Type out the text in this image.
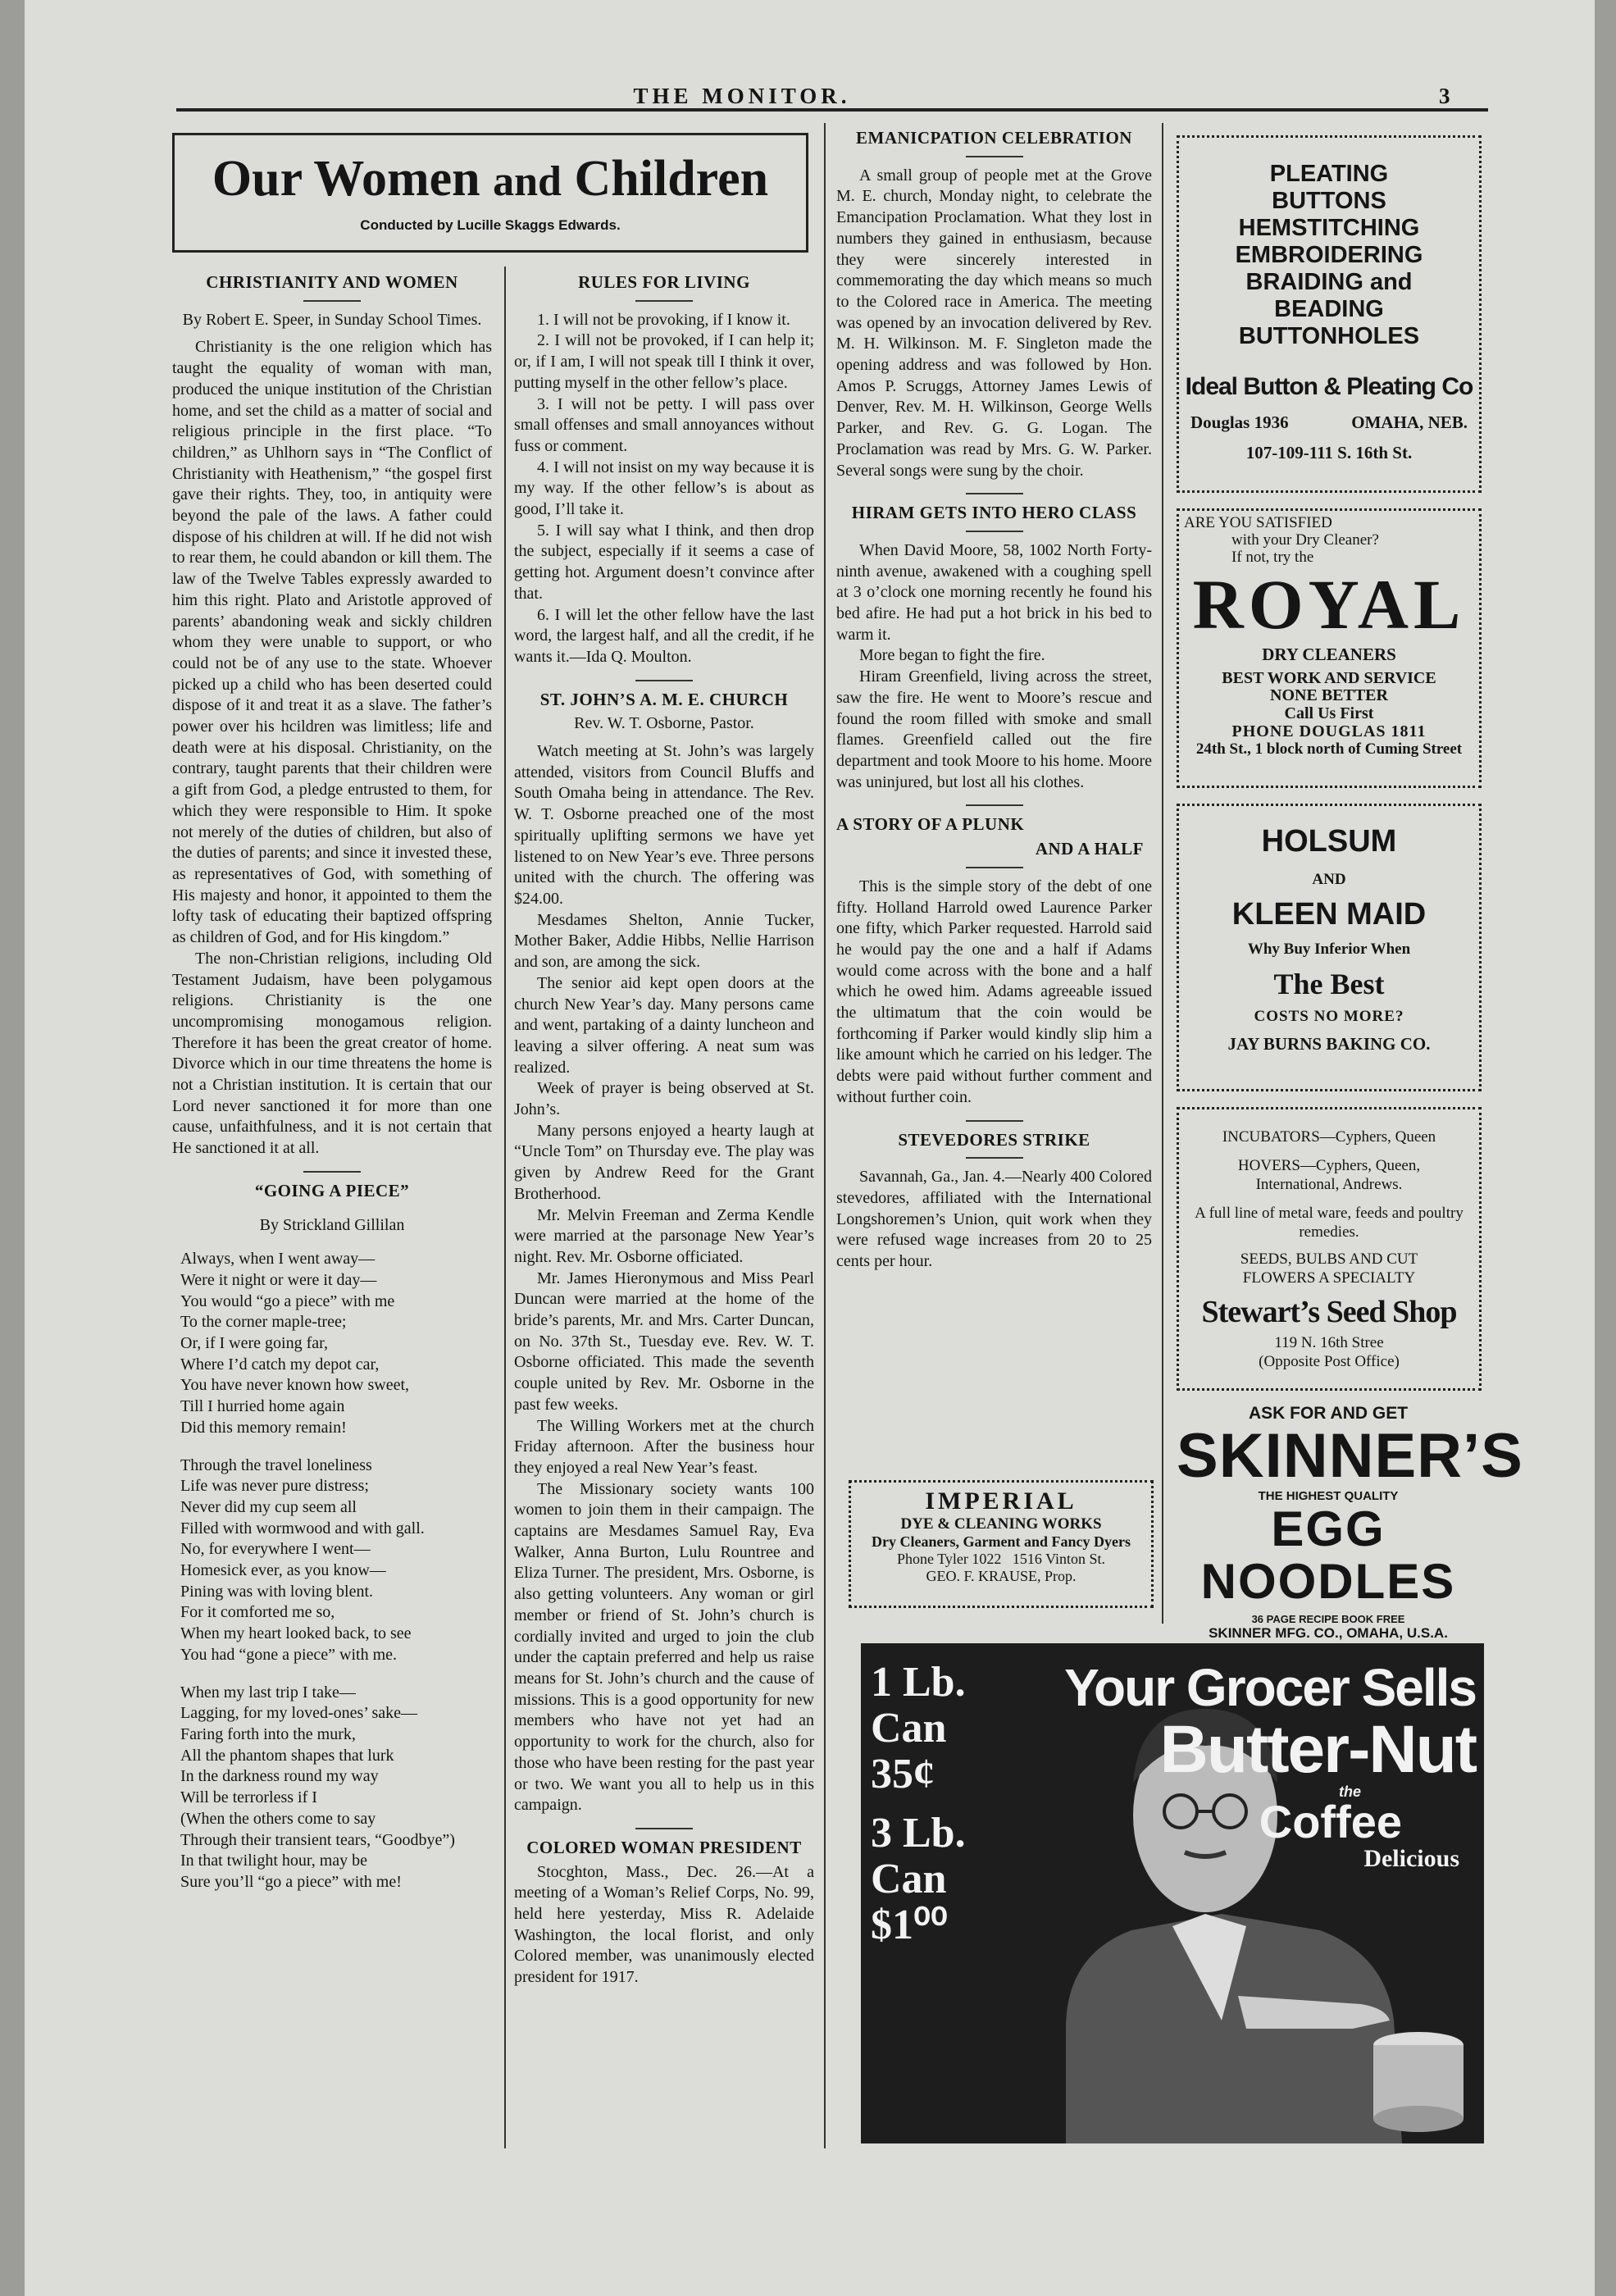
THE MONITOR.	3
Our Women and Children
Conducted by Lucille Skaggs Edwards.
CHRISTIANITY AND WOMEN
By Robert E. Speer, in Sunday School Times.

Christianity is the one religion which has taught the equality of woman with man, produced the unique institution of the Christian home, and set the child as a matter of social and religious principle in the first place. “To children,” as Uhlhorn says in “The Conflict of Christianity with Heathenism,” “the gospel first gave their rights. They, too, in antiquity were beyond the pale of the laws. A father could dispose of his children at will. If he did not wish to rear them, he could abandon or kill them. The law of the Twelve Tables expressly awarded to him this right. Plato and Aristotle approved of parents’ abandoning weak and sickly children whom they were unable to support, or who could not be of any use to the state. Whoever picked up a child who has been deserted could dispose of it and treat it as a slave. The father’s power over his hcildren was limitless; life and death were at his disposal. Christianity, on the contrary, taught parents that their children were a gift from God, a pledge entrusted to them, for which they were responsible to Him. It spoke not merely of the duties of children, but also of the duties of parents; and since it invested these, as representatives of God, with something of His majesty and honor, it appointed to them the lofty task of educating their baptized offspring as children of God, and for His kingdom.”

The non-Christian religions, including Old Testament Judaism, have been polygamous religions. Christianity is the one uncompromising monogamous religion. Therefore it has been the great creator of home. Divorce which in our time threatens the home is not a Christian institution. It is certain that our Lord never sanctioned it for more than one cause, unfaithfulness, and it is not certain that He sanctioned it at all.

“GOING A PIECE”
By Strickland Gillilan

Always, when I went away—

Were it night or were it day—

You would “go a piece” with me

To the corner maple-tree;

Or, if I were going far,

Where I’d catch my depot car,

You have never known how sweet,

Till I hurried home again

Did this memory remain!

Through the travel loneliness

Life was never pure distress;

Never did my cup seem all

Filled with wormwood and with gall.

No, for everywhere I went—

Homesick ever, as you know—

Pining was with loving blent.

For it comforted me so,

When my heart looked back, to see

You had “gone a piece” with me.

When my last trip I take—

Lagging, for my loved-ones’ sake—

Faring forth into the murk,

All the phantom shapes that lurk

In the darkness round my way

Will be terrorless if I

(When the others come to say

Through their transient tears, “Goodbye”)

In that twilight hour, may be

Sure you’ll “go a piece” with me!

RULES FOR LIVING

1. I will not be provoking, if I know it.

2. I will not be provoked, if I can help it; or, if I am, I will not speak till I think it over, putting myself in the other fellow’s place.

3. I will not be petty. I will pass over small offenses and small annoyances without fuss or comment.

4. I will not insist on my way because it is my way. If the other fellow’s is about as good, I’ll take it.

5. I will say what I think, and then drop the subject, especially if it seems a case of getting hot. Argument doesn’t convince after that.

6. I will let the other fellow have the last word, the largest half, and all the credit, if he wants it.—Ida Q. Moulton.

ST. JOHN’S A. M. E. CHURCH
Rev. W. T. Osborne, Pastor.

Watch meeting at St. John’s was largely attended, visitors from Council Bluffs and South Omaha being in attendance. The Rev. W. T. Osborne preached one of the most spiritually uplifting sermons we have yet listened to on New Year’s eve. Three persons united with the church. The offering was $24.00.

Mesdames Shelton, Annie Tucker, Mother Baker, Addie Hibbs, Nellie Harrison and son, are among the sick.

The senior aid kept open doors at the church New Year’s day. Many persons came and went, partaking of a dainty luncheon and leaving a silver offering. A neat sum was realized.

Week of prayer is being observed at St. John’s.

Many persons enjoyed a hearty laugh at “Uncle Tom” on Thursday eve. The play was given by Andrew Reed for the Grant Brotherhood.

Mr. Melvin Freeman and Zerma Kendle were married at the parsonage New Year’s night. Rev. Mr. Osborne officiated.

Mr. James Hieronymous and Miss Pearl Duncan were married at the home of the bride’s parents, Mr. and Mrs. Carter Duncan, on No. 37th St., Tuesday eve. Rev. W. T. Osborne officiated. This made the seventh couple united by Rev. Mr. Osborne in the past few weeks.

The Willing Workers met at the church Friday afternoon. After the business hour they enjoyed a real New Year’s feast.

The Missionary society wants 100 women to join them in their campaign. The captains are Mesdames Samuel Ray, Eva Walker, Anna Burton, Lulu Rountree and Eliza Turner. The president, Mrs. Osborne, is also getting volunteers. Any woman or girl member or friend of St. John’s church is cordially invited and urged to join the club under the captain preferred and help us raise means for St. John’s church and the cause of missions. This is a good opportunity for new members who have not yet had an opportunity to work for the church, also for those who have been resting for the past year or two. We want you all to help us in this campaign.

COLORED WOMAN PRESIDENT

Stocghton, Mass., Dec. 26.—At a meeting of a Woman’s Relief Corps, No. 99, held here yesterday, Miss R. Adelaide Washington, the local florist, and only Colored member, was unanimously elected president for 1917.

EMANICPATION CELEBRATION

A small group of people met at the Grove M. E. church, Monday night, to celebrate the Emancipation Proclamation. What they lost in numbers they gained in enthusiasm, because they were sincerely interested in commemorating the day which means so much to the Colored race in America. The meeting was opened by an invocation delivered by Rev. M. H. Wilkinson. M. F. Singleton made the opening address and was followed by Hon. Amos P. Scruggs, Attorney James Lewis of Denver, Rev. M. H. Wilkinson, George Wells Parker, and Rev. G. G. Logan. The Proclamation was read by Mrs. G. W. Parker. Several songs were sung by the choir.

HIRAM GETS INTO HERO CLASS

When David Moore, 58, 1002 North Forty-ninth avenue, awakened with a coughing spell at 3 o’clock one morning recently he found his bed afire. He had put a hot brick in his bed to warm it.

More began to fight the fire.

Hiram Greenfield, living across the street, saw the fire. He went to Moore’s rescue and found the room filled with smoke and small flames. Greenfield called out the fire department and took Moore to his home. Moore was uninjured, but lost all his clothes.

A STORY OF A PLUNK
AND A HALF

This is the simple story of the debt of one fifty. Holland Harrold owed Laurence Parker one fifty, which Parker requested. Harrold said he would pay the one and a half if Adams would come across with the bone and a half which he owed him. Adams agreeable issued the ultimatum that the coin would be forthcoming if Parker would kindly slip him a like amount which he carried on his ledger. The debts were paid without further comment and without further coin.

STEVEDORES STRIKE

Savannah, Ga., Jan. 4.—Nearly 400 Colored stevedores, affiliated with the International Longshoremen’s Union, quit work when they were refused wage increases from 20 to 25 cents per hour.

IMPERIAL
DYE & CLEANING WORKS
Dry Cleaners, Garment and Fancy Dyers
Phone Tyler 1022 1516 Vinton St.
GEO. F. KRAUSE, Prop.
PLEATING
BUTTONS
HEMSTITCHING
EMBROIDERING
BRAIDING and
BEADING
BUTTONHOLES
Ideal Button & Pleating Co
Douglas 1936	OMAHA, NEB.
107-109-111 S. 16th St.
ARE YOU SATISFIED
with your Dry Cleaner?
If not, try the
ROYAL
DRY CLEANERS
BEST WORK AND SERVICE
NONE BETTER
Call Us First
PHONE DOUGLAS 1811
24th St., 1 block north of Cuming Street
HOLSUM
AND
KLEEN MAID
Why Buy Inferior When
The Best
COSTS NO MORE?
JAY BURNS BAKING CO.
INCUBATORS—Cyphers, Queen
HOVERS—Cyphers, Queen, International, Andrews.
A full line of metal ware, feeds and poultry remedies.
SEEDS, BULBS AND CUT FLOWERS A SPECIALTY
Stewart’s Seed Shop
119 N. 16th Stree
(Opposite Post Office)
ASK FOR AND GET
SKINNER’S
THE HIGHEST QUALITY
EGG NOODLES
36 PAGE RECIPE BOOK FREE
SKINNER MFG. CO., OMAHA, U.S.A.
1 Lb.
Can
35¢
3 Lb.
Can
$1⁰⁰
Your Grocer Sells
Butter-Nut
the
Coffee
Delicious
